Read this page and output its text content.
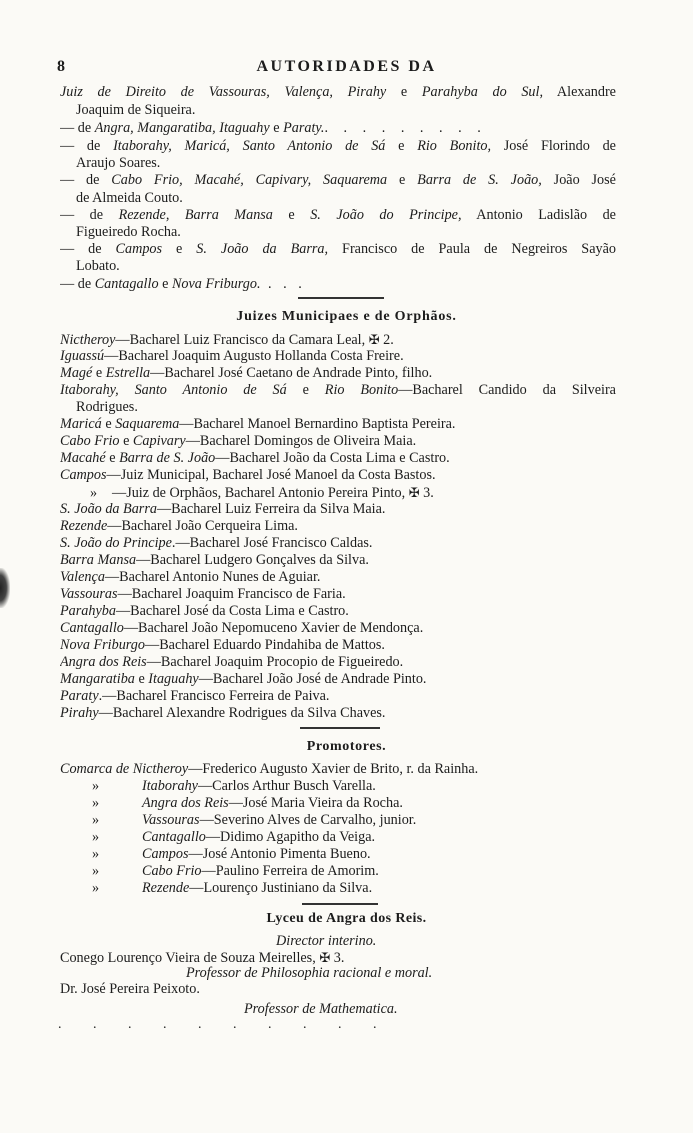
8	AUTORIDADES DA
Juiz de Direito de Vassouras, Valença, Pirahy e Parahyba do Sul, Alexandre
Joaquim de Siqueira.
— de Angra, Mangaratiba, Itaguahy e Paraty.. . . . . . . . .
— de Itaborahy, Maricá, Santo Antonio de Sá e Rio Bonito, José Florindo de
Araujo Soares.
— de Cabo Frio, Macahé, Capivary, Saquarema e Barra de S. João, João José
de Almeida Couto.
— de Rezende, Barra Mansa e S. João do Principe, Antonio Ladislão de
Figueiredo Rocha.
— de Campos e S. João da Barra, Francisco de Paula de Negreiros Sayão
Lobato.
— de Cantagallo e Nova Friburgo. . . .
Juizes Municipaes e de Orphãos.
Nictheroy—Bacharel Luiz Francisco da Camara Leal, ✠ 2.
Iguassú—Bacharel Joaquim Augusto Hollanda Costa Freire.
Magé e Estrella—Bacharel José Caetano de Andrade Pinto, filho.
Itaborahy, Santo Antonio de Sá e Rio Bonito—Bacharel Candido da Silveira
Rodrigues.
Maricá e Saquarema—Bacharel Manoel Bernardino Baptista Pereira.
Cabo Frio e Capivary—Bacharel Domingos de Oliveira Maia.
Macahé e Barra de S. João—Bacharel João da Costa Lima e Castro.
Campos—Juiz Municipal, Bacharel José Manoel da Costa Bastos.
» —Juiz de Orphãos, Bacharel Antonio Pereira Pinto, ✠ 3.
S. João da Barra—Bacharel Luiz Ferreira da Silva Maia.
Rezende—Bacharel João Cerqueira Lima.
S. João do Principe.—Bacharel José Francisco Caldas.
Barra Mansa—Bacharel Ludgero Gonçalves da Silva.
Valença—Bacharel Antonio Nunes de Aguiar.
Vassouras—Bacharel Joaquim Francisco de Faria.
Parahyba—Bacharel José da Costa Lima e Castro.
Cantagallo—Bacharel João Nepomuceno Xavier de Mendonça.
Nova Friburgo—Bacharel Eduardo Pindahiba de Mattos.
Angra dos Reis—Bacharel Joaquim Procopio de Figueiredo.
Mangaratiba e Itaguahy—Bacharel João José de Andrade Pinto.
Paraty.—Bacharel Francisco Ferreira de Paiva.
Pirahy—Bacharel Alexandre Rodrigues da Silva Chaves.
Promotores.
Comarca de Nictheroy—Frederico Augusto Xavier de Brito, r. da Rainha.
»	Itaborahy—Carlos Arthur Busch Varella.
»	Angra dos Reis—José Maria Vieira da Rocha.
»	Vassouras—Severino Alves de Carvalho, junior.
»	Cantagallo—Didimo Agapitho da Veiga.
»	Campos—José Antonio Pimenta Bueno.
»	Cabo Frio—Paulino Ferreira de Amorim.
»	Rezende—Lourenço Justiniano da Silva.
Lyceu de Angra dos Reis.
Director interino.
Conego Lourenço Vieira de Souza Meirelles, ✠ 3.
Professor de Philosophia racional e moral.
Dr. José Pereira Peixoto.
Professor de Mathematica.
. . . . . . . . . .
